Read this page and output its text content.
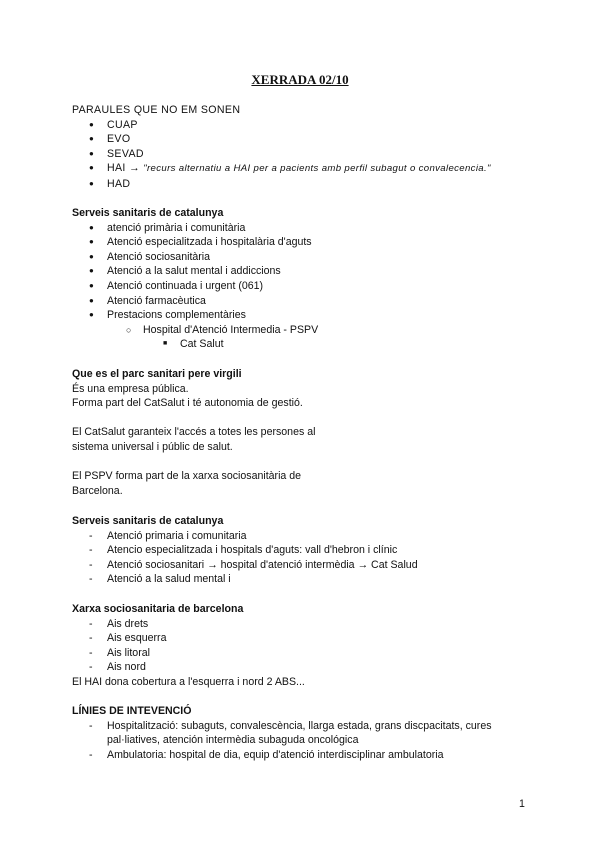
XERRADA 02/10
PARAULES QUE NO EM SONEN
● CUAP
● EVO
● SEVAD
● HAI → "recurs alternatiu a HAI per a pacients amb perfil subagut o convalecencia."
● HAD
Serveis sanitaris de catalunya
● atenció primària i comunitària
● Atenció especialitzada i hospitalària d'aguts
● Atenció sociosanitària
● Atenció a la salut mental i addiccions
● Atenció continuada i urgent (061)
● Atenció farmacèutica
● Prestacions complementàries
○ Hospital d'Atenció Intermedia - PSPV
■ Cat Salut
Que es el parc sanitari pere virgili
És una empresa pública.
Forma part del CatSalut i té autonomia de gestió.
El CatSalut garanteix l'accés a totes les persones al
sistema universal i públic de salut.
El PSPV forma part de la xarxa sociosanitària de
Barcelona.
Serveis sanitaris de catalunya
- Atenció primaria i comunitaria
- Atencio especialitzada i hospitals d'aguts: vall d'hebron i clínic
- Atenció sociosanitari → hospital d'atenció intermèdia → Cat Salud
- Atenció a la salud mental i
Xarxa sociosanitaria de barcelona
- Ais drets
- Ais esquerra
- Ais litoral
- Ais nord
El HAI dona cobertura a l'esquerra i nord 2 ABS...
LÍNIES DE INTEVENCIÓ
- Hospitalització: subaguts, convalescència, llarga estada, grans discpacitats, cures pal·liatives, atención intermèdia subaguda oncológica
- Ambulatoria: hospital de dia, equip d'atenció interdisciplinar ambulatoria
1
